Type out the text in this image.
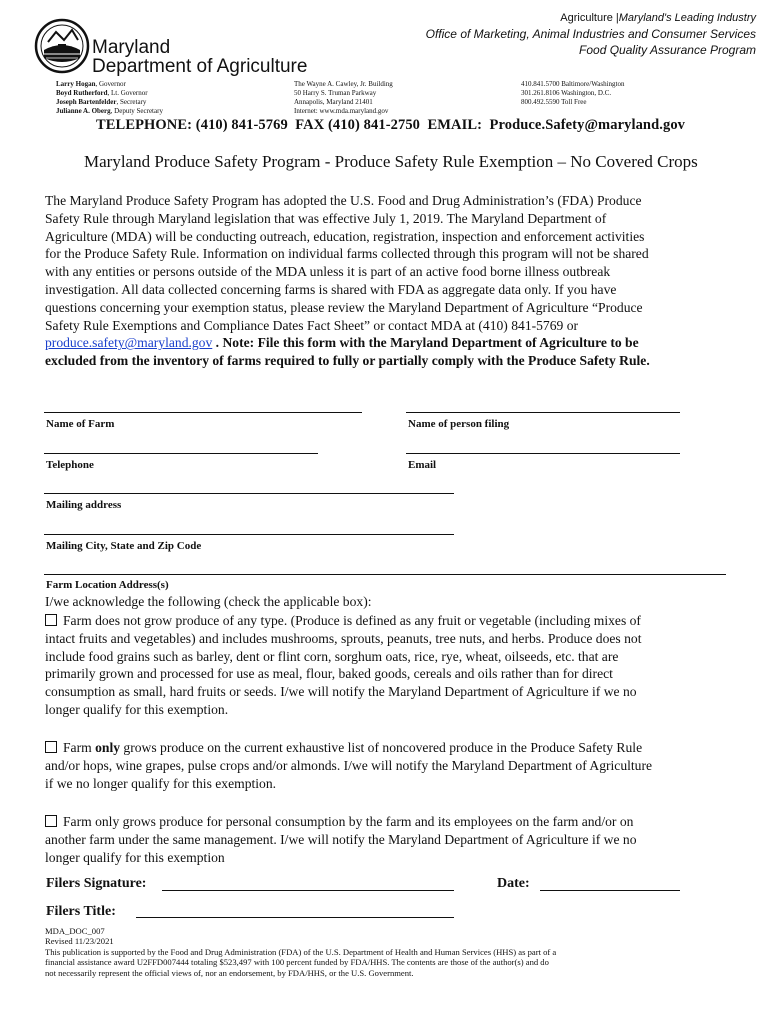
Maryland
Department of Agriculture
Agriculture |Maryland's Leading Industry
Office of Marketing, Animal Industries and Consumer Services
Food Quality Assurance Program
Larry Hogan, Governor
Boyd Rutherford, Lt. Governor
Joseph Bartenfelder, Secretary
Julianne A. Oberg, Deputy Secretary
The Wayne A. Cawley, Jr. Building
50 Harry S. Truman Parkway
Annapolis, Maryland 21401
Internet: www.mda.maryland.gov
410.841.5700 Baltimore/Washington
301.261.8106 Washington, D.C.
800.492.5590 Toll Free
TELEPHONE: (410) 841-5769  FAX (410) 841-2750  EMAIL:  Produce.Safety@maryland.gov
Maryland Produce Safety Program - Produce Safety Rule Exemption – No Covered Crops
The Maryland Produce Safety Program has adopted the U.S. Food and Drug Administration’s (FDA) Produce
Safety Rule through Maryland legislation that was effective July 1, 2019. The Maryland Department of
Agriculture (MDA) will be conducting outreach, education, registration, inspection and enforcement activities
for the Produce Safety Rule. Information on individual farms collected through this program will not be shared
with any entities or persons outside of the MDA unless it is part of an active food borne illness outbreak
investigation. All data collected concerning farms is shared with FDA as aggregate data only. If you have
questions concerning your exemption status, please review the Maryland Department of Agriculture “Produce
Safety Rule Exemptions and Compliance Dates Fact Sheet” or contact MDA at (410) 841-5769 or
produce.safety@maryland.gov . Note: File this form with the Maryland Department of Agriculture to be
excluded from the inventory of farms required to fully or partially comply with the Produce Safety Rule.
Name of Farm	Name of person filing
Telephone	Email
Mailing address
Mailing City, State and Zip Code
Farm Location Address(s)
I/we acknowledge the following (check the applicable box):
Farm does not grow produce of any type. (Produce is defined as any fruit or vegetable (including mixes of
intact fruits and vegetables) and includes mushrooms, sprouts, peanuts, tree nuts, and herbs. Produce does not
include food grains such as barley, dent or flint corn, sorghum oats, rice, rye, wheat, oilseeds, etc. that are
primarily grown and processed for use as meal, flour, baked goods, cereals and oils rather than for direct
consumption as small, hard fruits or seeds. I/we will notify the Maryland Department of Agriculture if we no
longer qualify for this exemption.
Farm only grows produce on the current exhaustive list of noncovered produce in the Produce Safety Rule
and/or hops, wine grapes, pulse crops and/or almonds. I/we will notify the Maryland Department of Agriculture
if we no longer qualify for this exemption.
Farm only grows produce for personal consumption by the farm and its employees on the farm and/or on
another farm under the same management. I/we will notify the Maryland Department of Agriculture if we no
longer qualify for this exemption
Filers Signature:	Date:
Filers Title:
MDA_DOC_007
Revised 11/23/2021
This publication is supported by the Food and Drug Administration (FDA) of the U.S. Department of Health and Human Services (HHS) as part of a
financial assistance award U2FFD007444 totaling $523,497 with 100 percent funded by FDA/HHS. The contents are those of the author(s) and do
not necessarily represent the official views of, nor an endorsement, by FDA/HHS, or the U.S. Government.
